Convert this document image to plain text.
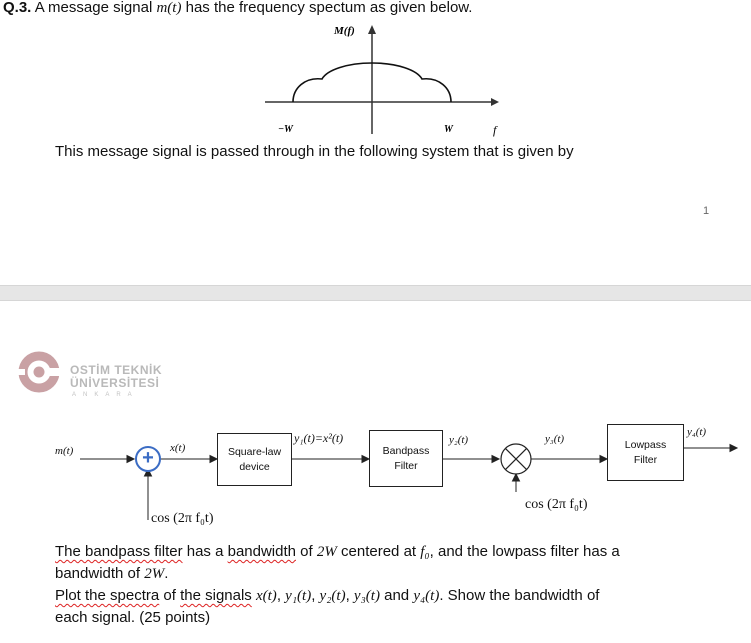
Q.3. A message signal m(t) has the frequency spectum as given below.
M(f)
−W	W	f
This message signal is passed through in the following system that is given by
1
OSTİM TEKNİK
ÜNİVERSİTESİ
ANKARA
+
m(t)	x(t)	Square-law
device
y₁(t)=x²(t)
Bandpass
Filter
y₂(t)	y₃(t)	Lowpass
Filter
y₄(t)
cos (2π f₀t)
cos (2π f₀t)
The bandpass filter has a bandwidth of 2W centered at f₀, and the lowpass filter has a
bandwidth of 2W.
Plot the spectra of the signals x(t), y₁(t), y₂(t), y₃(t) and y₄(t). Show the bandwidth of
each signal. (25 points)
